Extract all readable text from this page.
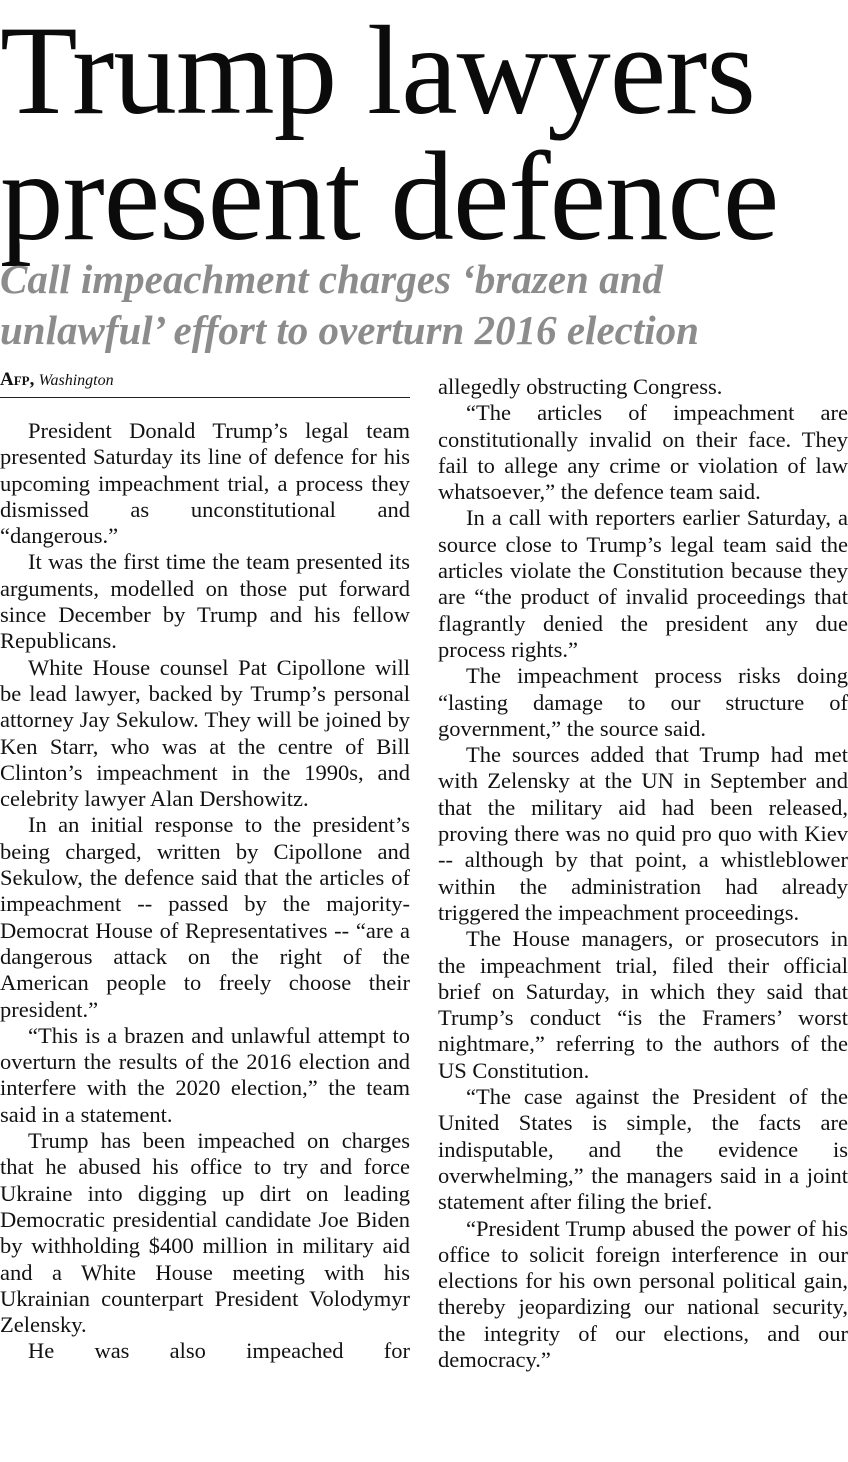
Trump lawyers
present defence
Call impeachment charges ‘brazen and
unlawful’ effort to overturn 2016 election
Afp, Washington

President Donald Trump’s legal team presented Saturday its line of defence for his upcoming impeachment trial, a process they dismissed as unconstitutional and “dangerous.”

It was the first time the team presented its arguments, modelled on those put forward since December by Trump and his fellow Republicans.

White House counsel Pat Cipollone will be lead lawyer, backed by Trump’s personal attorney Jay Sekulow. They will be joined by Ken Starr, who was at the centre of Bill Clinton’s impeachment in the 1990s, and celebrity lawyer Alan Dershowitz.

In an initial response to the president’s being charged, written by Cipollone and Sekulow, the defence said that the articles of impeachment -- passed by the majority-Democrat House of Representatives -- “are a dangerous attack on the right of the American people to freely choose their president.”

“This is a brazen and unlawful attempt to overturn the results of the 2016 election and interfere with the 2020 election,” the team said in a statement.

Trump has been impeached on charges that he abused his office to try and force Ukraine into digging up dirt on leading Democratic presidential candidate Joe Biden by withholding $400 million in military aid and a White House meeting with his Ukrainian counterpart President Volodymyr Zelensky.

He was also impeached for

allegedly obstructing Congress.

“The articles of impeachment are constitutionally invalid on their face. They fail to allege any crime or violation of law whatsoever,” the defence team said.

In a call with reporters earlier Saturday, a source close to Trump’s legal team said the articles violate the Constitution because they are “the product of invalid proceedings that flagrantly denied the president any due process rights.”

The impeachment process risks doing “lasting damage to our structure of government,” the source said.

The sources added that Trump had met with Zelensky at the UN in September and that the military aid had been released, proving there was no quid pro quo with Kiev -- although by that point, a whistleblower within the administration had already triggered the impeachment proceedings.

The House managers, or prosecutors in the impeachment trial, filed their official brief on Saturday, in which they said that Trump’s conduct “is the Framers’ worst nightmare,” referring to the authors of the US Constitution.

“The case against the President of the United States is simple, the facts are indisputable, and the evidence is overwhelming,” the managers said in a joint statement after filing the brief.

“President Trump abused the power of his office to solicit foreign interference in our elections for his own personal political gain, thereby jeopardizing our national security, the integrity of our elections, and our democracy.”
